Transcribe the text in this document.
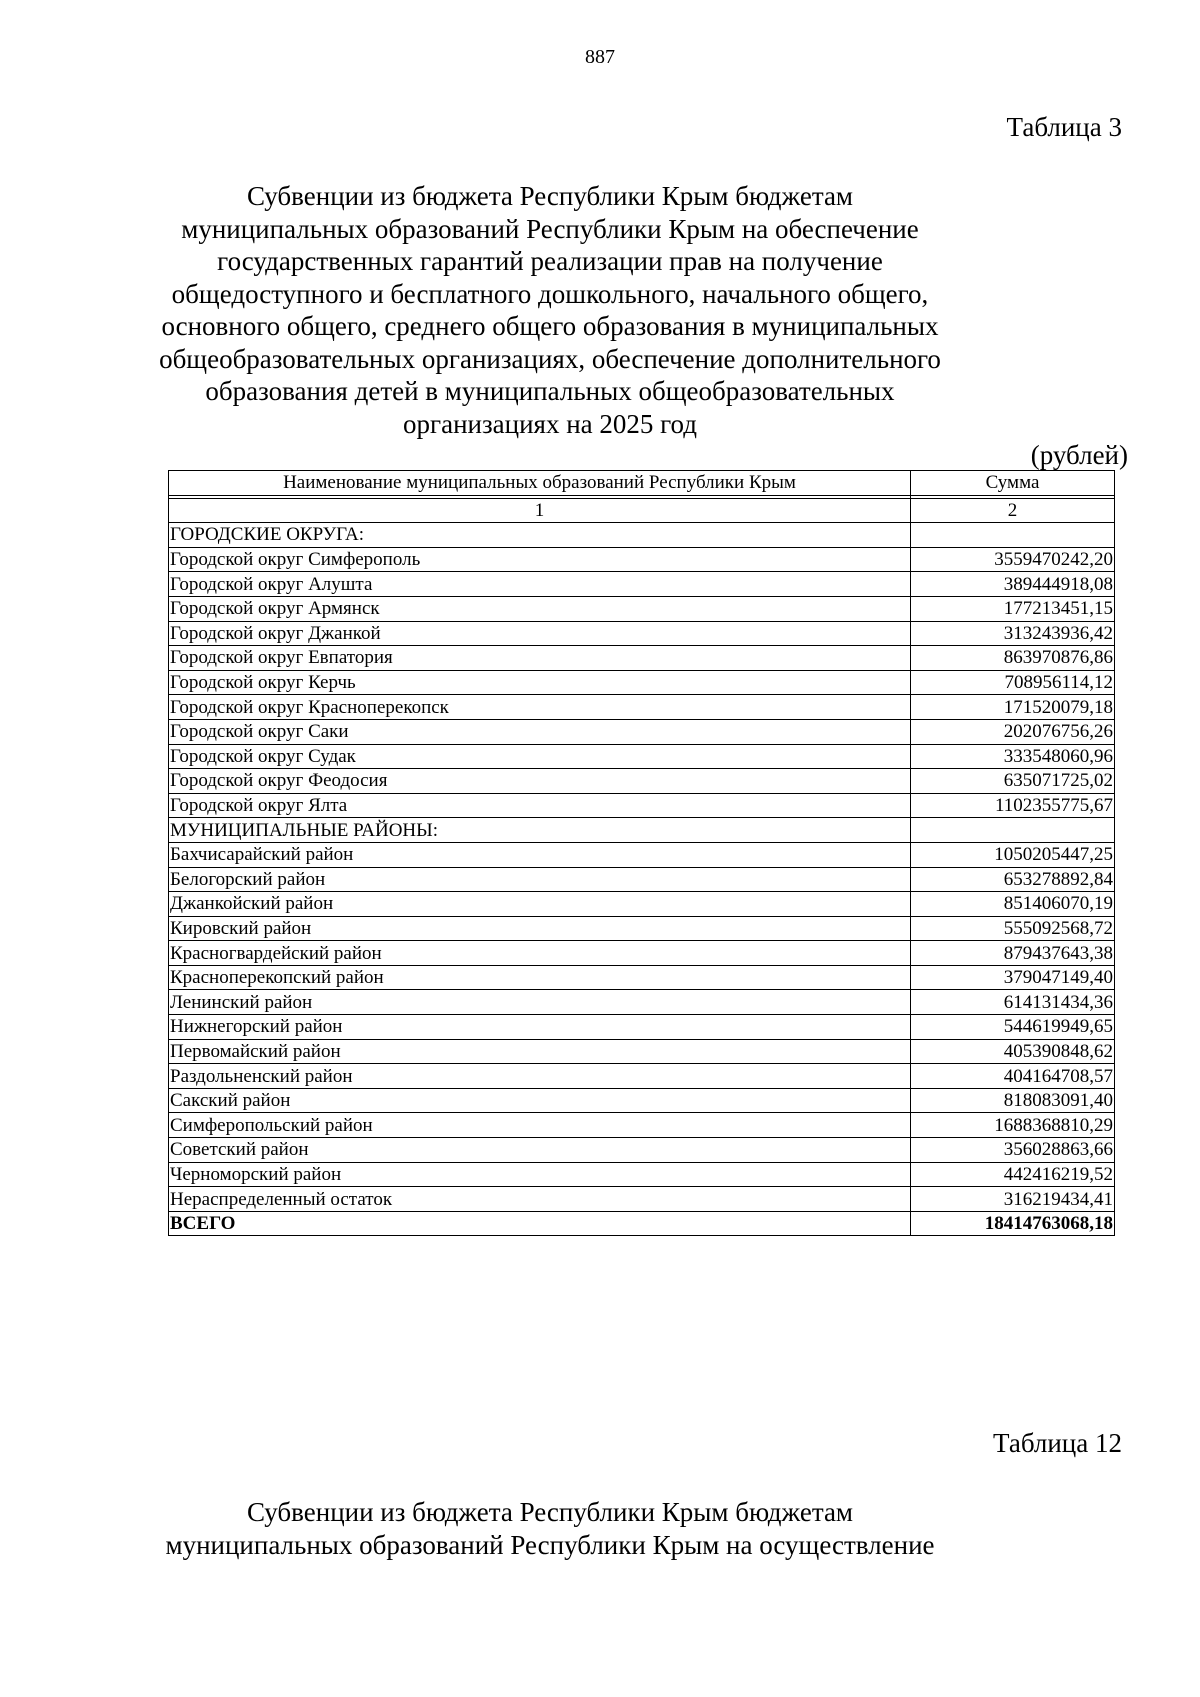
887
Таблица 3
Субвенции из бюджета Республики Крым бюджетам
муниципальных образований Республики Крым на обеспечение
государственных гарантий реализации прав на получение
общедоступного и бесплатного дошкольного, начального общего,
основного общего, среднего общего образования в муниципальных
общеобразовательных организациях, обеспечение дополнительного
образования детей в муниципальных общеобразовательных
организациях на 2025 год
(рублей)
Наименование муниципальных образований Республики Крым	Сумма

1	2
ГОРОДСКИЕ ОКРУГА:	
Городской округ Симферополь	3559470242,20
Городской округ Алушта	389444918,08
Городской округ Армянск	177213451,15
Городской округ Джанкой	313243936,42
Городской округ Евпатория	863970876,86
Городской округ Керчь	708956114,12
Городской округ Красноперекопск	171520079,18
Городской округ Саки	202076756,26
Городской округ Судак	333548060,96
Городской округ Феодосия	635071725,02
Городской округ Ялта	1102355775,67
МУНИЦИПАЛЬНЫЕ РАЙОНЫ:	
Бахчисарайский район	1050205447,25
Белогорский район	653278892,84
Джанкойский район	851406070,19
Кировский район	555092568,72
Красногвардейский район	879437643,38
Красноперекопский район	379047149,40
Ленинский район	614131434,36
Нижнегорский район	544619949,65
Первомайский район	405390848,62
Раздольненский район	404164708,57
Сакский район	818083091,40
Симферопольский район	1688368810,29
Советский район	356028863,66
Черноморский район	442416219,52
Нераспределенный остаток	316219434,41
ВСЕГО	18414763068,18
Таблица 12
Субвенции из бюджета Республики Крым бюджетам
муниципальных образований Республики Крым на осуществление
